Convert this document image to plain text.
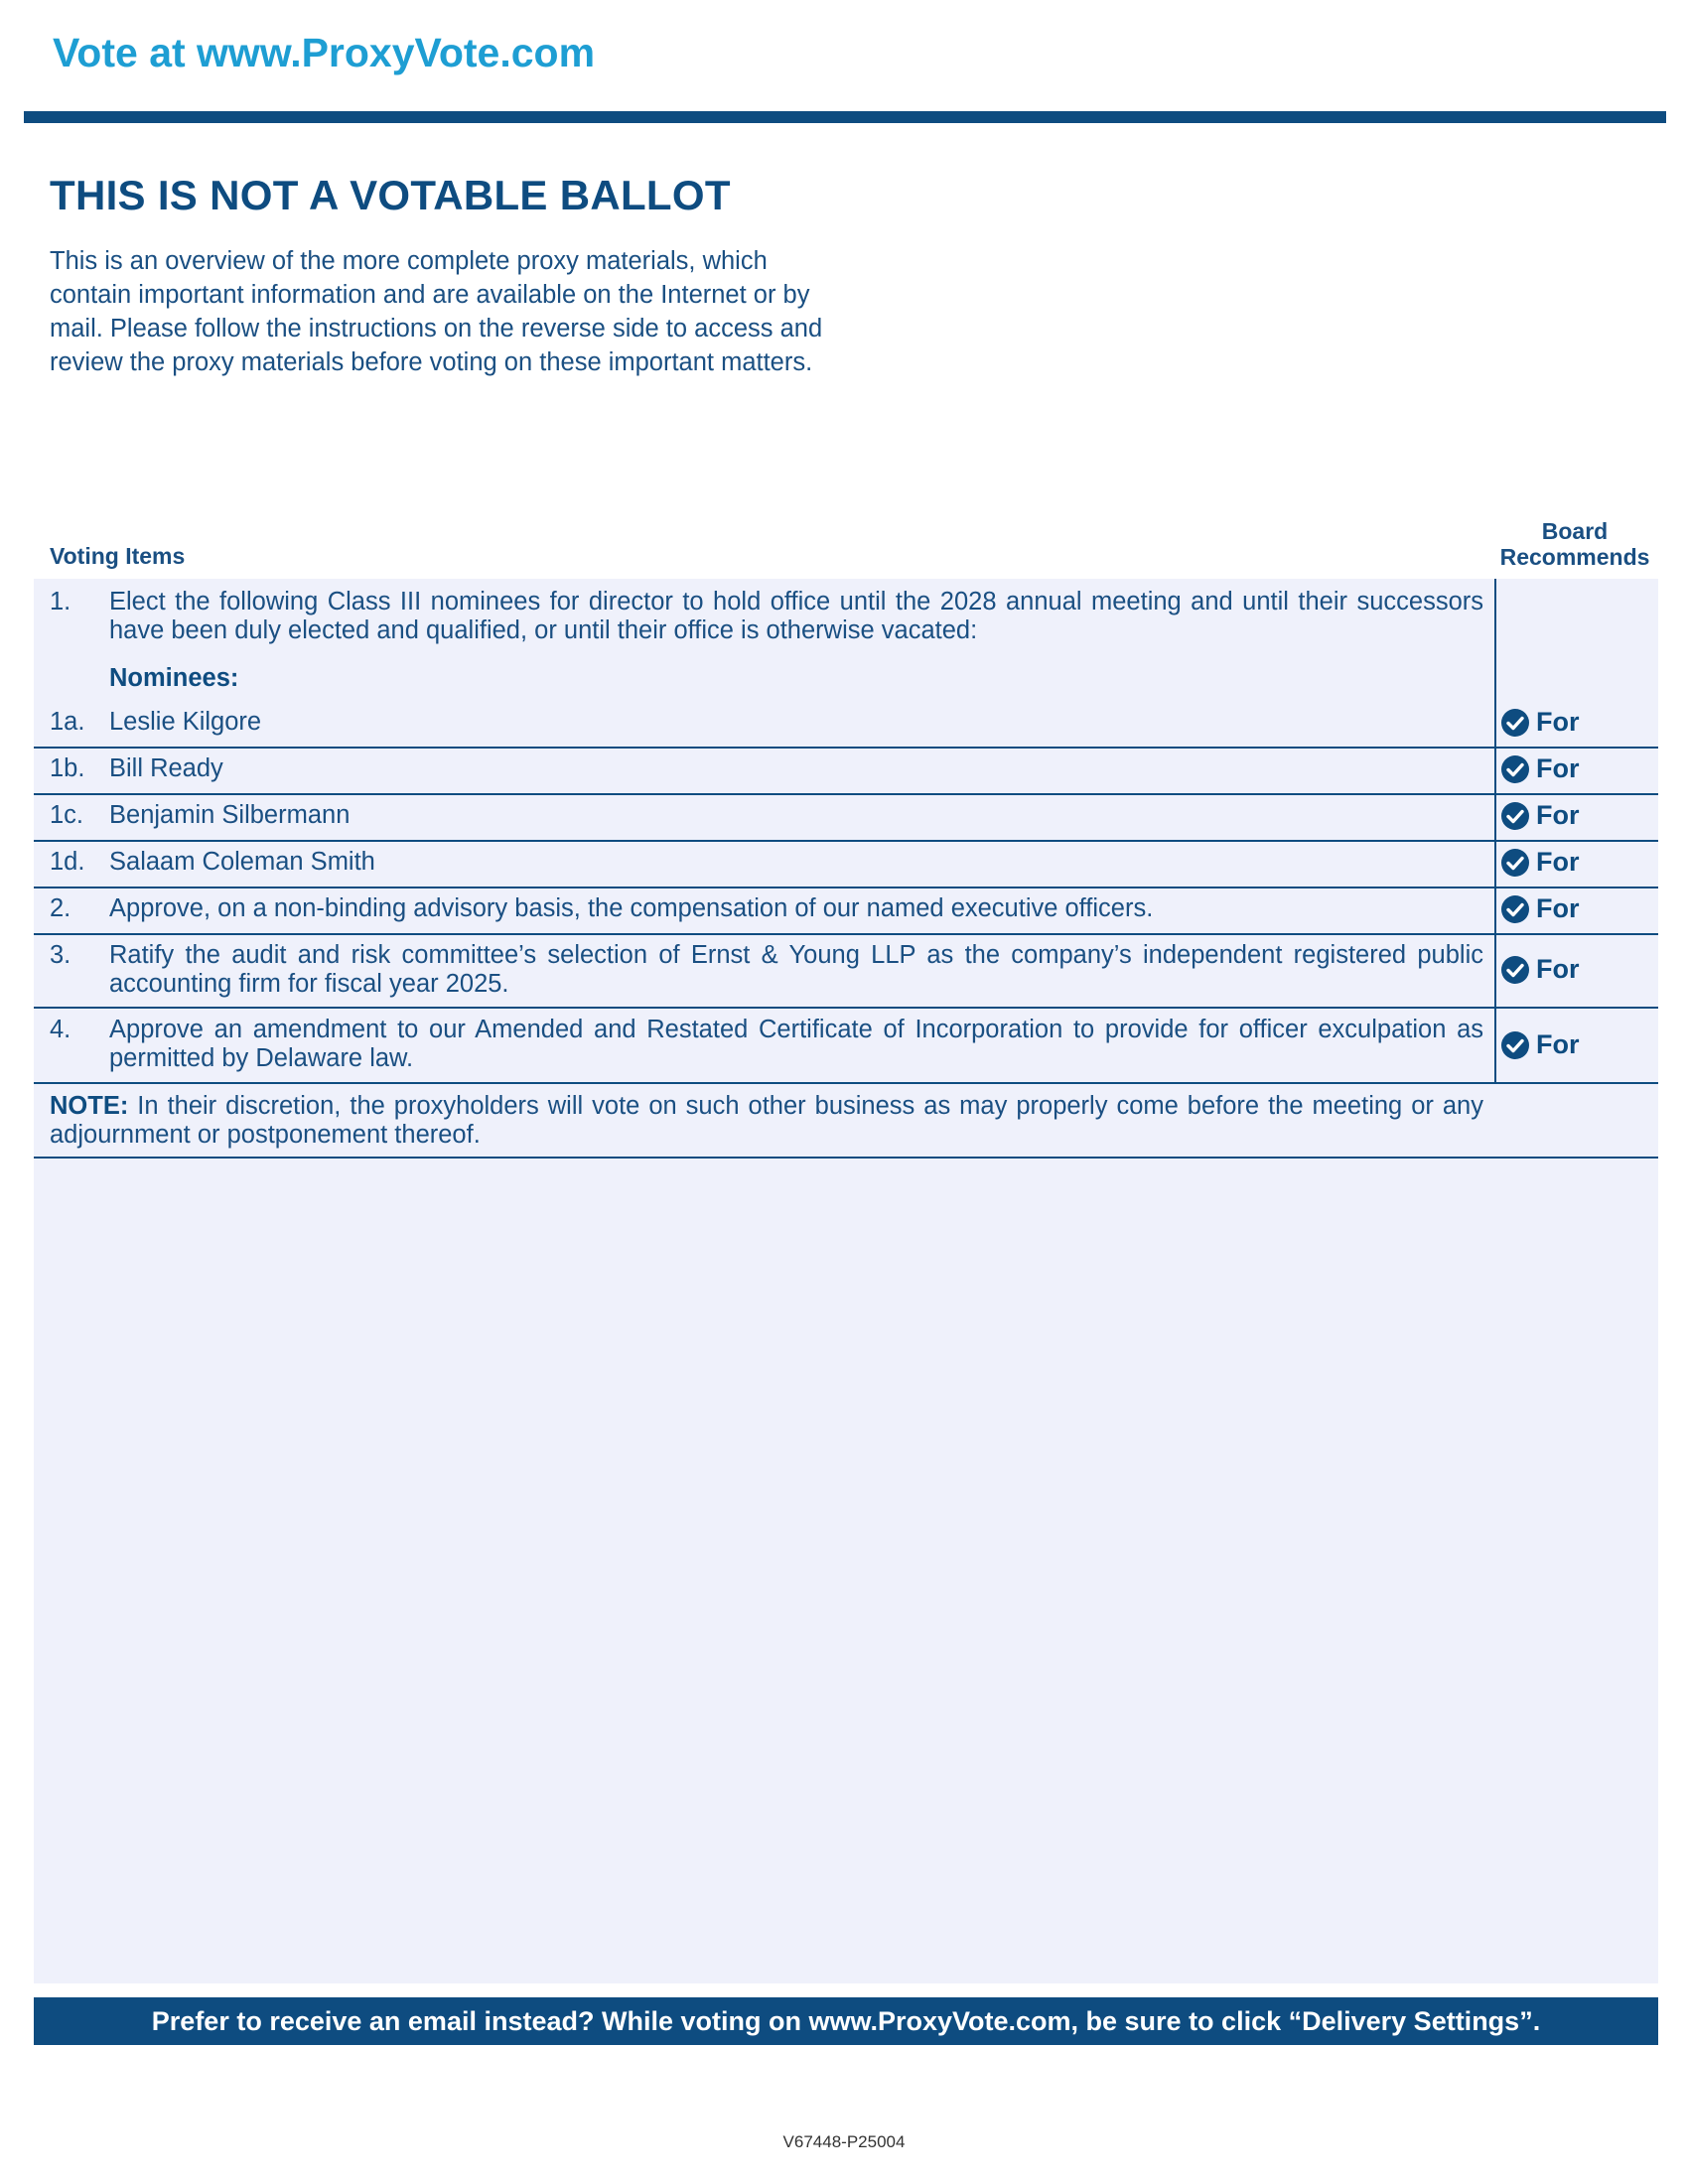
Vote at www.ProxyVote.com
THIS IS NOT A VOTABLE BALLOT
This is an overview of the more complete proxy materials, which contain important information and are available on the Internet or by mail. Please follow the instructions on the reverse side to access and review the proxy materials before voting on these important matters.
Voting Items
Board Recommends
1. Elect the following Class III nominees for director to hold office until the 2028 annual meeting and until their successors have been duly elected and qualified, or until their office is otherwise vacated:
Nominees:
1a. Leslie Kilgore	For
1b. Bill Ready	For
1c. Benjamin Silbermann	For
1d. Salaam Coleman Smith	For
2. Approve, on a non-binding advisory basis, the compensation of our named executive officers.	For
3. Ratify the audit and risk committee’s selection of Ernst & Young LLP as the company’s independent registered public accounting firm for fiscal year 2025.	For
4. Approve an amendment to our Amended and Restated Certificate of Incorporation to provide for officer exculpation as permitted by Delaware law.	For
NOTE: In their discretion, the proxyholders will vote on such other business as may properly come before the meeting or any adjournment or postponement thereof.
Prefer to receive an email instead? While voting on www.ProxyVote.com, be sure to click “Delivery Settings”.
V67448-P25004
